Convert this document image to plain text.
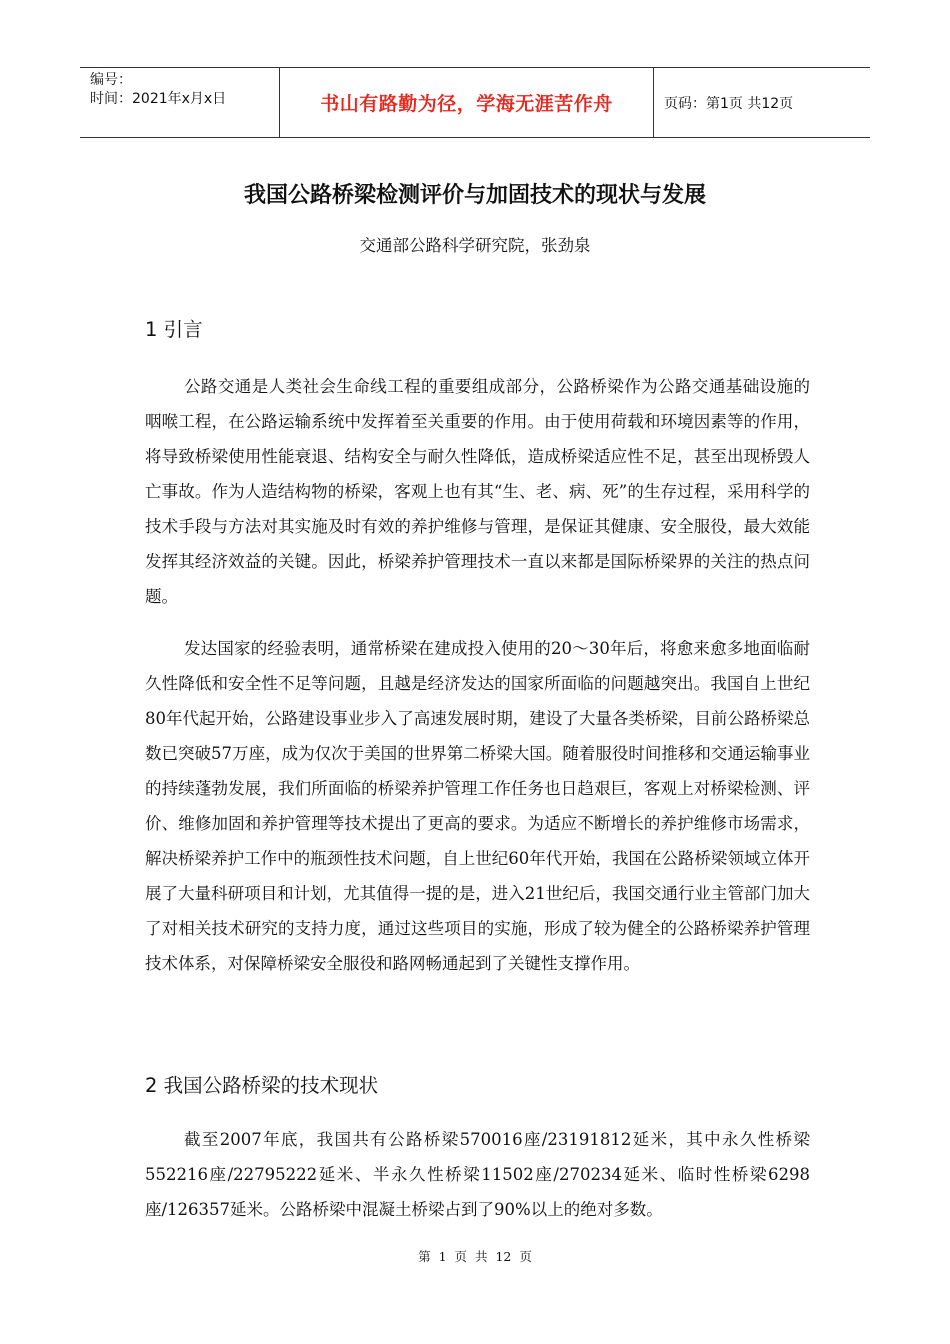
编号：
时间：2021年x月x日	书山有路勤为径，学海无涯苦作舟	页码：第1页 共12页
我国公路桥梁检测评价与加固技术的现状与发展
交通部公路科学研究院，张劲泉
1 引言

公路交通是人类社会生命线工程的重要组成部分，公路桥梁作为公路交通基础设施的咽喉工程，在公路运输系统中发挥着至关重要的作用。由于使用荷载和环境因素等的作用，将导致桥梁使用性能衰退、结构安全与耐久性降低，造成桥梁适应性不足，甚至出现桥毁人亡事故。作为人造结构物的桥梁，客观上也有其“生、老、病、死”的生存过程，采用科学的技术手段与方法对其实施及时有效的养护维修与管理，是保证其健康、安全服役，最大效能发挥其经济效益的关键。因此，桥梁养护管理技术一直以来都是国际桥梁界的关注的热点问题。

发达国家的经验表明，通常桥梁在建成投入使用的20～30年后，将愈来愈多地面临耐久性降低和安全性不足等问题，且越是经济发达的国家所面临的问题越突出。我国自上世纪80年代起开始，公路建设事业步入了高速发展时期，建设了大量各类桥梁，目前公路桥梁总数已突破57万座，成为仅次于美国的世界第二桥梁大国。随着服役时间推移和交通运输事业的持续蓬勃发展，我们所面临的桥梁养护管理工作任务也日趋艰巨，客观上对桥梁检测、评价、维修加固和养护管理等技术提出了更高的要求。为适应不断增长的养护维修市场需求，解决桥梁养护工作中的瓶颈性技术问题，自上世纪60年代开始，我国在公路桥梁领域立体开展了大量科研项目和计划，尤其值得一提的是，进入21世纪后，我国交通行业主管部门加大了对相关技术研究的支持力度，通过这些项目的实施，形成了较为健全的公路桥梁养护管理技术体系，对保障桥梁安全服役和路网畅通起到了关键性支撑作用。

2 我国公路桥梁的技术现状

截至2007年底，我国共有公路桥梁570016座/23191812延米，其中永久性桥梁552216座/22795222延米、半永久性桥梁11502座/270234延米、临时性桥梁6298座/126357延米。公路桥梁中混凝土桥梁占到了90%以上的绝对多数。

第 1 页 共 12 页
